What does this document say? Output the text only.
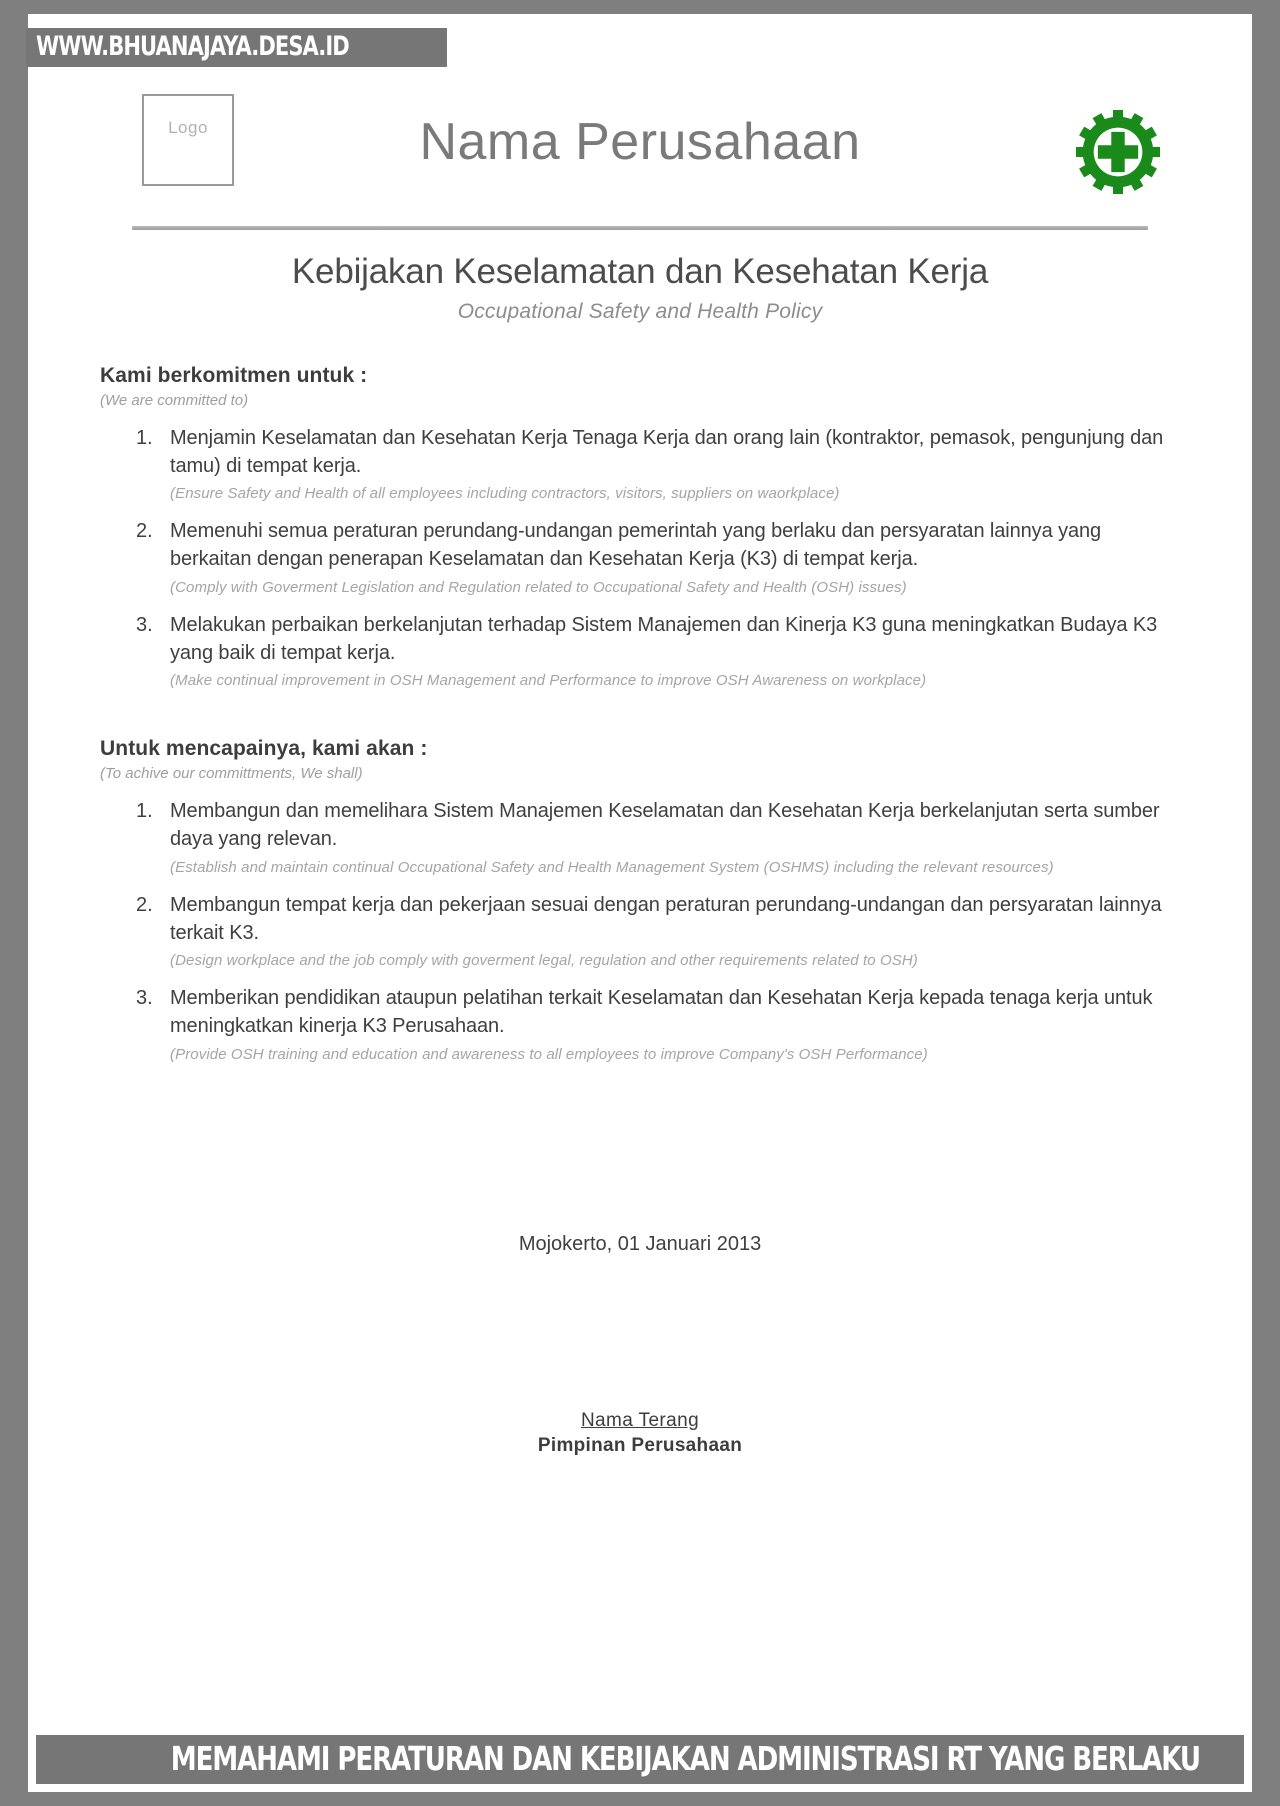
Logo	Nama Perusahaan
Kebijakan Keselamatan dan Kesehatan Kerja
Occupational Safety and Health Policy
Kami berkomitmen untuk :
(We are committed to)
1. Menjamin Keselamatan dan Kesehatan Kerja Tenaga Kerja dan orang lain (kontraktor, pemasok, pengunjung dan tamu) di tempat kerja.
(Ensure Safety and Health of all employees including contractors, visitors, suppliers on waorkplace)
2. Memenuhi semua peraturan perundang-undangan pemerintah yang berlaku dan persyaratan lainnya yang berkaitan dengan penerapan Keselamatan dan Kesehatan Kerja (K3) di tempat kerja.
(Comply with Goverment Legislation and Regulation related to Occupational Safety and Health (OSH) issues)
3. Melakukan perbaikan berkelanjutan terhadap Sistem Manajemen dan Kinerja K3 guna meningkatkan Budaya K3 yang baik di tempat kerja.
(Make continual improvement in OSH Management and Performance to improve OSH Awareness on workplace)
Untuk mencapainya, kami akan :
(To achive our committments, We shall)
1. Membangun dan memelihara Sistem Manajemen Keselamatan dan Kesehatan Kerja berkelanjutan serta sumber daya yang relevan.
(Establish and maintain continual Occupational Safety and Health Management System (OSHMS) including the relevant resources)
2. Membangun tempat kerja dan pekerjaan sesuai dengan peraturan perundang-undangan dan persyaratan lainnya terkait K3.
(Design workplace and the job comply with goverment legal, regulation and other requirements related to OSH)
3. Memberikan pendidikan ataupun pelatihan terkait Keselamatan dan Kesehatan Kerja kepada tenaga kerja untuk meningkatkan kinerja K3 Perusahaan.
(Provide OSH training and education and awareness to all employees to improve Company's OSH Performance)
Mojokerto, 01 Januari 2013
Nama Terang
Pimpinan Perusahaan
WWW.BHUANAJAYA.DESA.ID
MEMAHAMI PERATURAN DAN KEBIJAKAN ADMINISTRASI RT YANG BERLAKU
